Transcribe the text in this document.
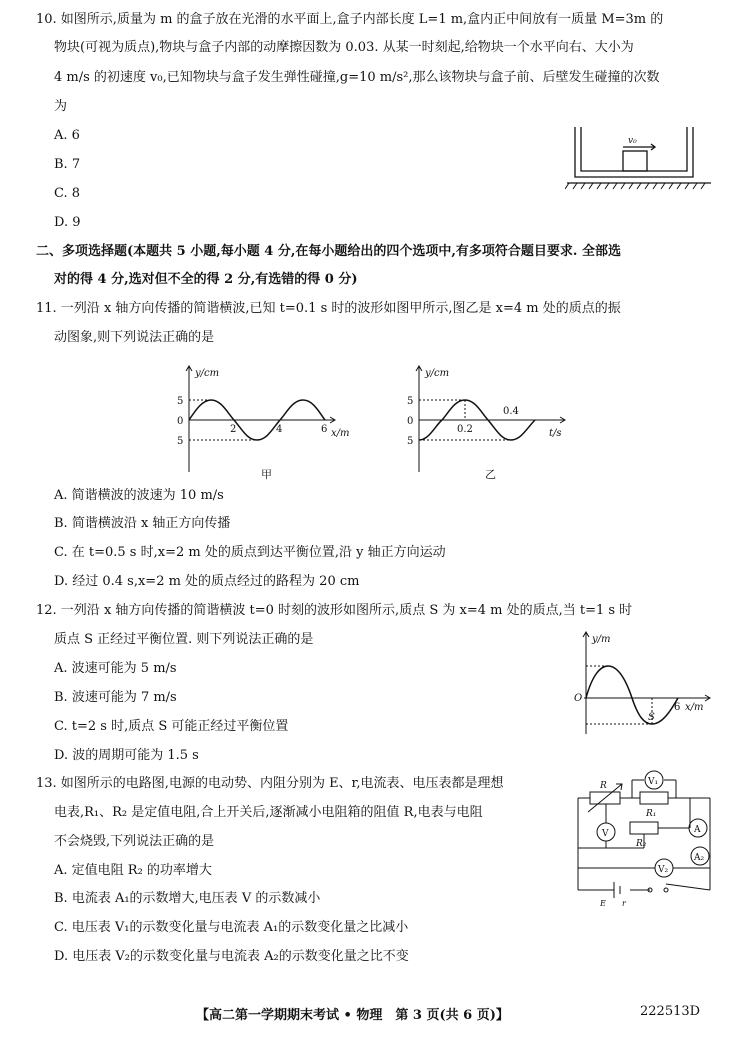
10. 如图所示,质量为 m 的盒子放在光滑的水平面上,盒子内部长度 L=1 m,盒内正中间放有一质量 M=3m 的
物块(可视为质点),物块与盒子内部的动摩擦因数为 0.03. 从某一时刻起,给物块一个水平向右、大小为
4 m/s 的初速度 v₀,已知物块与盒子发生弹性碰撞,g=10 m/s²,那么该物块与盒子前、后壁发生碰撞的次数
为
A. 6
B. 7
C. 8
D. 9
v₀
二、多项选择题(本题共 5 小题,每小题 4 分,在每小题给出的四个选项中,有多项符合题目要求. 全部选
对的得 4 分,选对但不全的得 2 分,有选错的得 0 分)
11. 一列沿 x 轴方向传播的简谐横波,已知 t=0.1 s 时的波形如图甲所示,图乙是 x=4 m 处的质点的振
动图象,则下列说法正确的是
y/cm
5
0
5
2	4	6 x/m
甲
y/cm
5
0
5
0.2
0.4
t/s
乙
A. 简谐横波的波速为 10 m/s
B. 简谐横波沿 x 轴正方向传播
C. 在 t=0.5 s 时,x=2 m 处的质点到达平衡位置,沿 y 轴正方向运动
D. 经过 0.4 s,x=2 m 处的质点经过的路程为 20 cm
12. 一列沿 x 轴方向传播的简谐横波 t=0 时刻的波形如图所示,质点 S 为 x=4 m 处的质点,当 t=1 s 时
质点 S 正经过平衡位置. 则下列说法正确的是
A. 波速可能为 5 m/s
B. 波速可能为 7 m/s
C. t=2 s 时,质点 S 可能正经过平衡位置
D. 波的周期可能为 1.5 s
y/m
O
6 x/m
S
13. 如图所示的电路图,电源的电动势、内阻分别为 E、r,电流表、电压表都是理想
电表,R₁、R₂ 是定值电阻,合上开关后,逐渐减小电阻箱的阻值 R,电表与电阻
不会烧毁,下列说法正确的是
A. 定值电阻 R₂ 的功率增大
B. 电流表 A₁的示数增大,电压表 V 的示数减小
C. 电压表 V₁的示数变化量与电流表 A₁的示数变化量之比减小
D. 电压表 V₂的示数变化量与电流表 A₂的示数变化量之比不变
R	V₁
R₁
V
R₂
A
A₂
V₂
E r
【高二第一学期期末考试 • 物理　第 3 页(共 6 页)】	222513D
